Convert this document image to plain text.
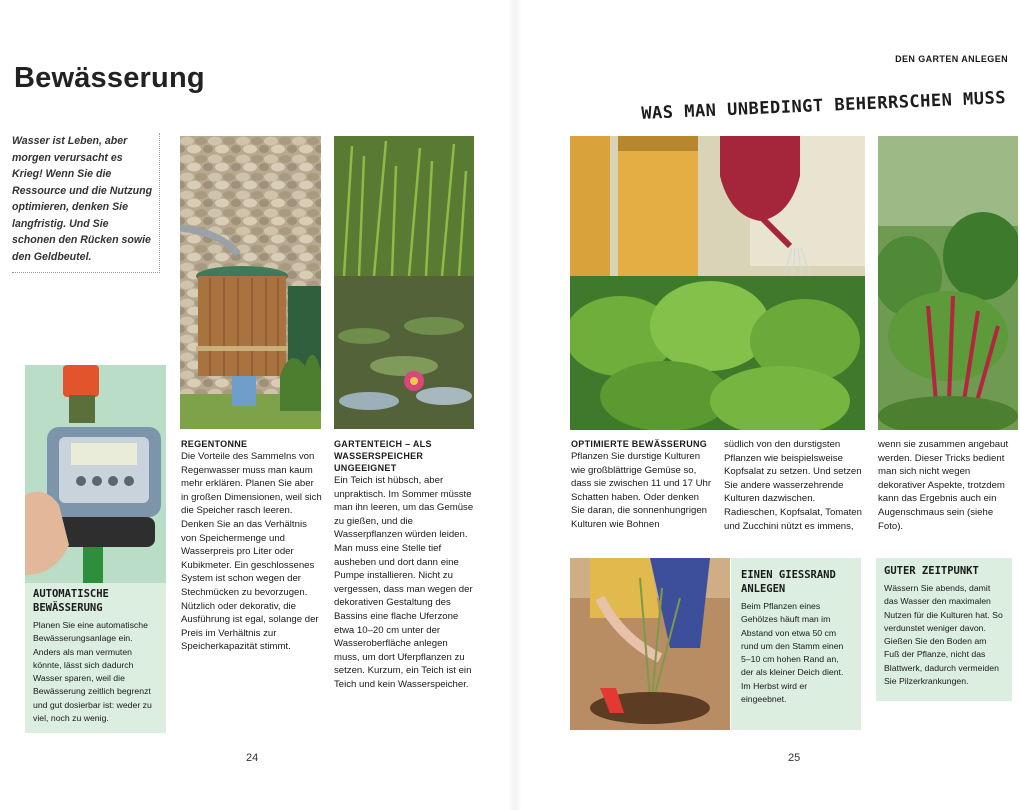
Bewässerung
Wasser ist Leben, aber morgen verursacht es Krieg! Wenn Sie die Ressource und die Nutzung optimieren, denken Sie langfristig. Und Sie schonen den Rücken sowie den Geldbeutel.
AUTOMATISCHE BEWÄSSERUNG

Planen Sie eine automatische Bewässerungsanlage ein. Anders als man vermuten könnte, lässt sich dadurch Wasser sparen, weil die Bewässerung zeitlich begrenzt und gut dosierbar ist: weder zu viel, noch zu wenig.

REGENTONNE

Die Vorteile des Sammelns von Regenwasser muss man kaum mehr erklären. Planen Sie aber in großen Dimensionen, weil sich die Speicher rasch leeren. Denken Sie an das Verhältnis von Speichermenge und Wasserpreis pro Liter oder Kubikmeter. Ein geschlossenes System ist schon wegen der Stechmücken zu bevorzugen. Nützlich oder dekorativ, die Ausführung ist egal, solange der Preis im Verhältnis zur Speicherkapazität stimmt.

GARTENTEICH – ALS WASSERSPEICHER UNGEEIGNET

Ein Teich ist hübsch, aber unpraktisch. Im Sommer müsste man ihn leeren, um das Gemüse zu gießen, und die Wasserpflanzen würden leiden. Man muss eine Stelle tief ausheben und dort dann eine Pumpe installieren. Nicht zu vergessen, dass man wegen der dekorativen Gestaltung des Bassins eine flache Uferzone etwa 10–20 cm unter der Wasseroberfläche anlegen muss, um dort Uferpflanzen zu setzen. Kurzum, ein Teich ist ein Teich und kein Wasserspeicher.

24
DEN GARTEN ANLEGEN
WAS MAN UNBEDINGT BEHERRSCHEN MUSS
OPTIMIERTE BEWÄSSERUNG

Pflanzen Sie durstige Kulturen wie großblättrige Gemüse so, dass sie zwischen 11 und 17 Uhr Schatten haben. Oder denken Sie daran, die sonnenhungrigen Kulturen wie Bohnen

südlich von den durstigsten Pflanzen wie beispielsweise Kopfsalat zu setzen. Und setzen Sie andere wasserzehrende Kulturen dazwischen. Radieschen, Kopfsalat, Tomaten und Zucchini nützt es immens,

wenn sie zusammen angebaut werden. Dieser Tricks bedient man sich nicht wegen dekorativer Aspekte, trotzdem kann das Ergebnis auch ein Augenschmaus sein (siehe Foto).

EINEN GIESSRAND ANLEGEN

Beim Pflanzen eines Gehölzes häuft man im Abstand von etwa 50 cm rund um den Stamm einen 5–10 cm hohen Rand an, der als kleiner Deich dient. Im Herbst wird er eingeebnet.

GUTER ZEITPUNKT

Wässern Sie abends, damit das Wasser den maximalen Nutzen für die Kulturen hat. So verdunstet weniger davon. Gießen Sie den Boden am Fuß der Pflanze, nicht das Blattwerk, dadurch vermeiden Sie Pilzerkrankungen.

25
